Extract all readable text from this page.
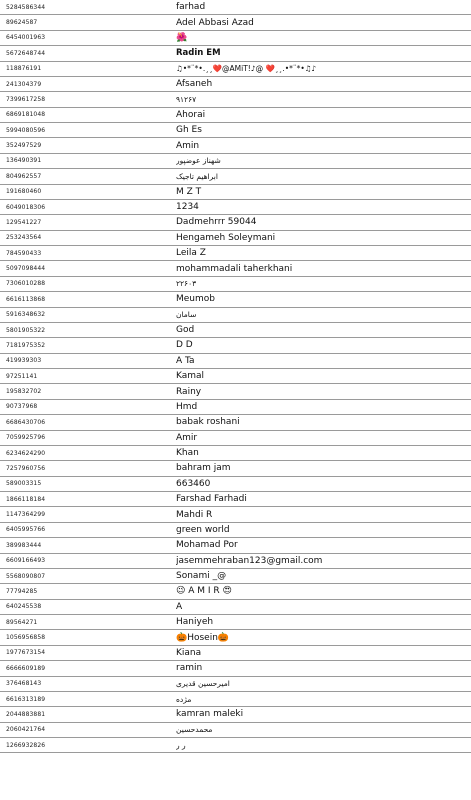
5284586344	farhad
89624587	Adel Abbasi Azad
6454001963	🌺
5672648744	Radin EM
118876191	♫•*¨*•.¸¸❤️@AMiT!♪@ ❤️¸¸.•*¨*•♫♪
241304379	Afsaneh
7399617258	۹۱۲۶۷
6869181048	Ahorai
5994080596	Gh Es
352497529	Amin
136490391	شهناز عوضپور
804962557	ابراهیم تاجیک
191680460	M Z T
6049018306	1234
129541227	Dadmehrrr 59044
253243564	Hengameh Soleymani
784590433	Leila Z
5097098444	mohammadali taherkhani
7306010288	۲۲۶۰۳
6616113868	Meumob
5916348632	سامان
5801905322	God
7181975352	D D
419939303	A Ta
97251141	Kamal
195832702	Rainy
90737968	Hmd
6686430706	babak roshani
7059925796	Amir
6234624290	Khan
7257960756	bahram jam
589003315	663460
1866118184	Farshad Farhadi
1147364299	Mahdi R
6405995766	green world
389983444	Mohamad Por
6609166493	jasemmehraban123@gmail.com
5568090807	Sonami _@
77794285	😉 A M I R 😍
640245538	A
89564271	Haniyeh
1056956858	🎃Hosein🎃
1977673154	Kiana
6666609189	ramin
376468143	امیرحسین قدیری
6616313189	مژده
2044883881	kamran maleki
2060421764	محمدحسین
1266932826	ر ر
